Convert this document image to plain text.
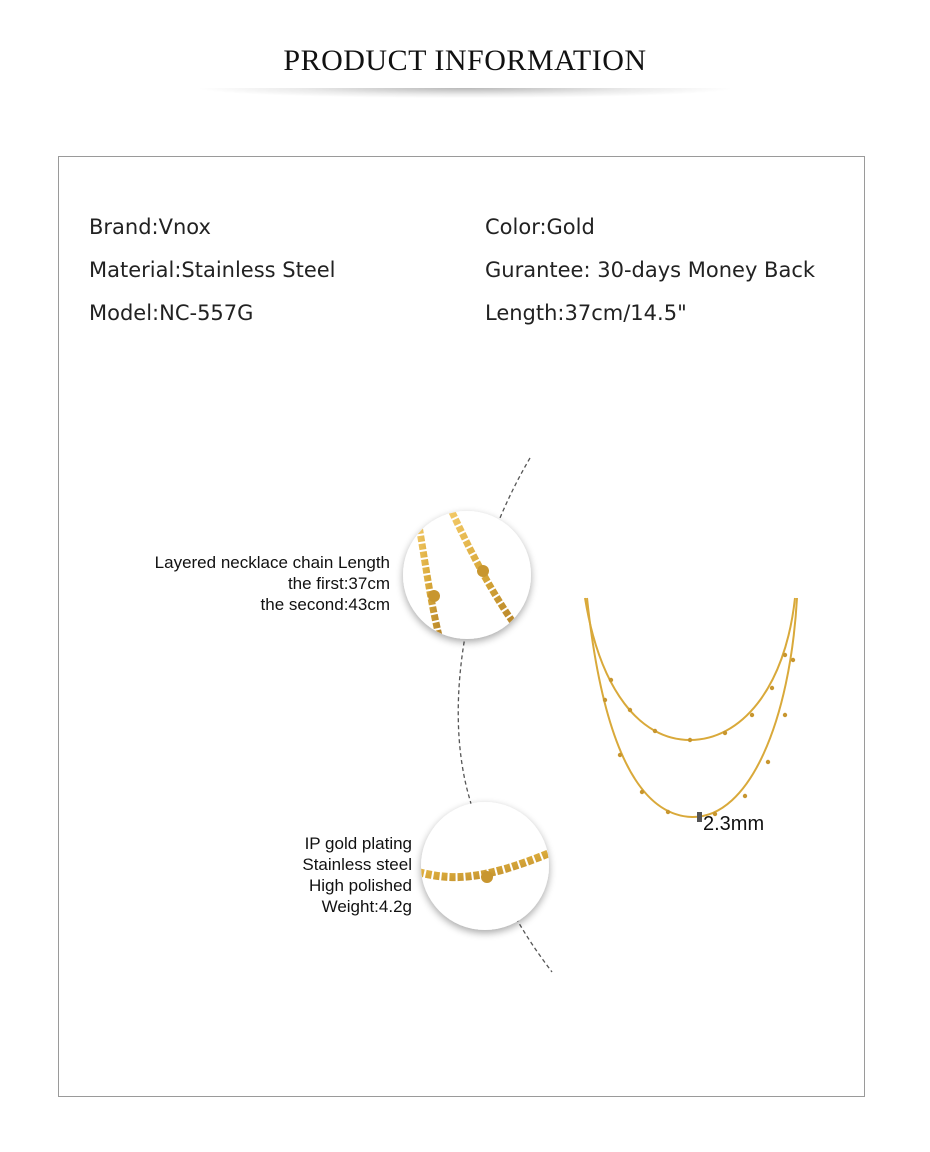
PRODUCT INFORMATION
Brand:Vnox
Material:Stainless Steel
Model:NC-557G
Color:Gold
Gurantee: 30-days Money Back
Length:37cm/14.5"
Layered necklace chain Length
the first:37cm
the second:43cm
IP gold plating
Stainless steel
High polished
Weight:4.2g
2.3mm
